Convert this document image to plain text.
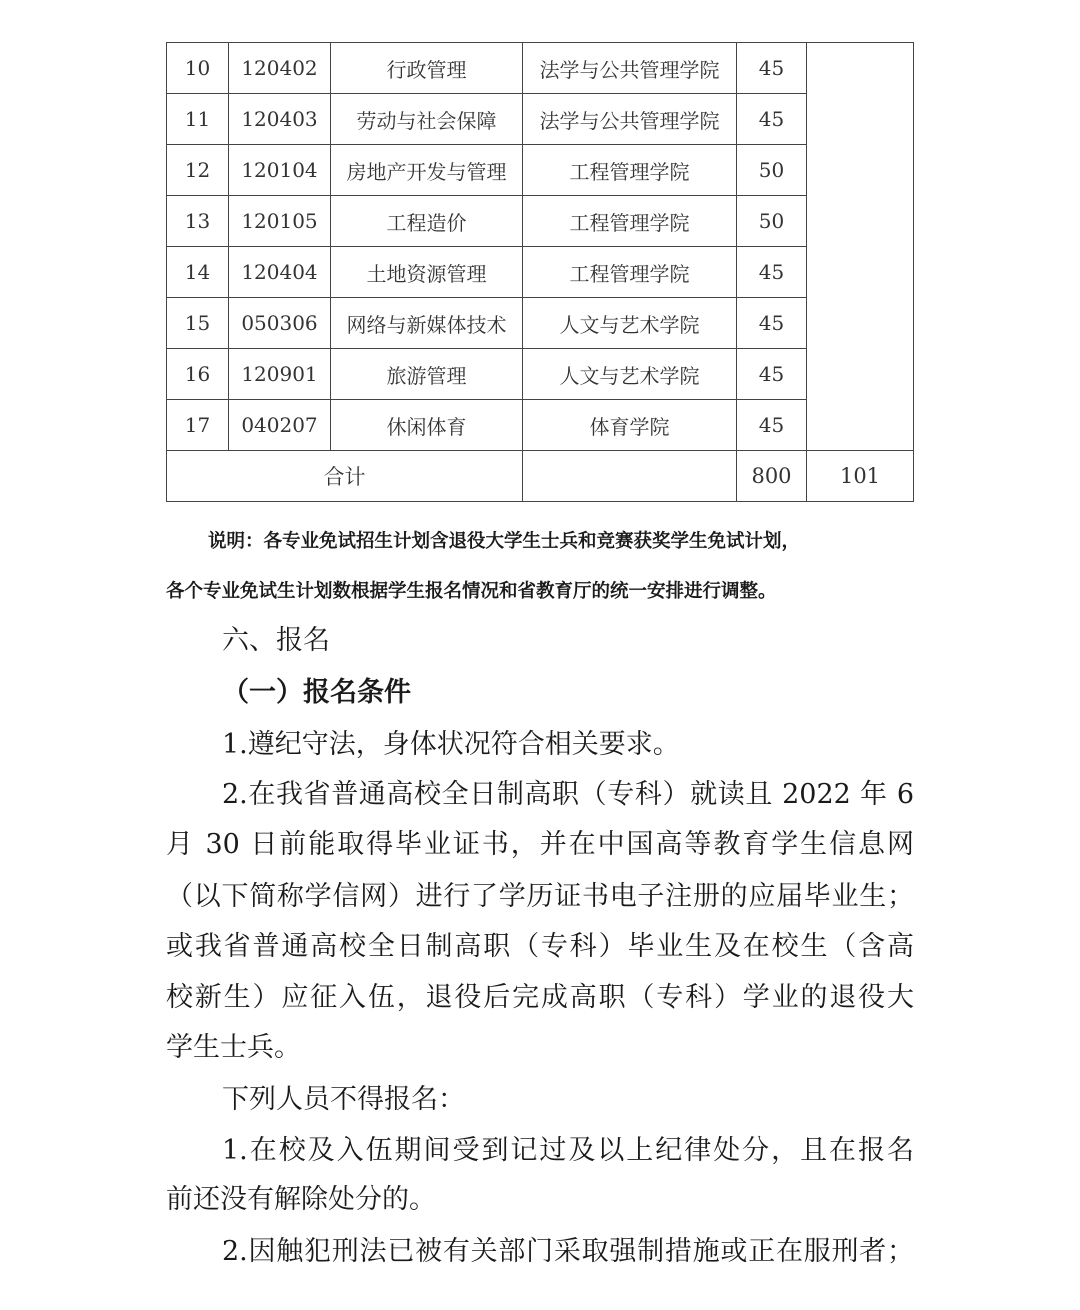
10	120402	行政管理	法学与公共管理学院	45	
11	120403	劳动与社会保障	法学与公共管理学院	45	
12	120104	房地产开发与管理	工程管理学院	50	
13	120105	工程造价	工程管理学院	50	
14	120404	土地资源管理	工程管理学院	45	
15	050306	网络与新媒体技术	人文与艺术学院	45	
16	120901	旅游管理	人文与艺术学院	45	
17	040207	休闲体育	体育学院	45	
合计				800	101
说明：各专业免试招生计划含退役大学生士兵和竞赛获奖学生免试计划，
各个专业免试生计划数根据学生报名情况和省教育厅的统一安排进行调整。
六、报名
（一）报名条件
1.遵纪守法，身体状况符合相关要求。
2.在我省普通高校全日制高职（专科）就读且 2022 年 6
月 30 日前能取得毕业证书，并在中国高等教育学生信息网
（以下简称学信网）进行了学历证书电子注册的应届毕业生；
或我省普通高校全日制高职（专科）毕业生及在校生（含高
校新生）应征入伍，退役后完成高职（专科）学业的退役大
学生士兵。
下列人员不得报名：
1.在校及入伍期间受到记过及以上纪律处分，且在报名
前还没有解除处分的。
2.因触犯刑法已被有关部门采取强制措施或正在服刑者；
